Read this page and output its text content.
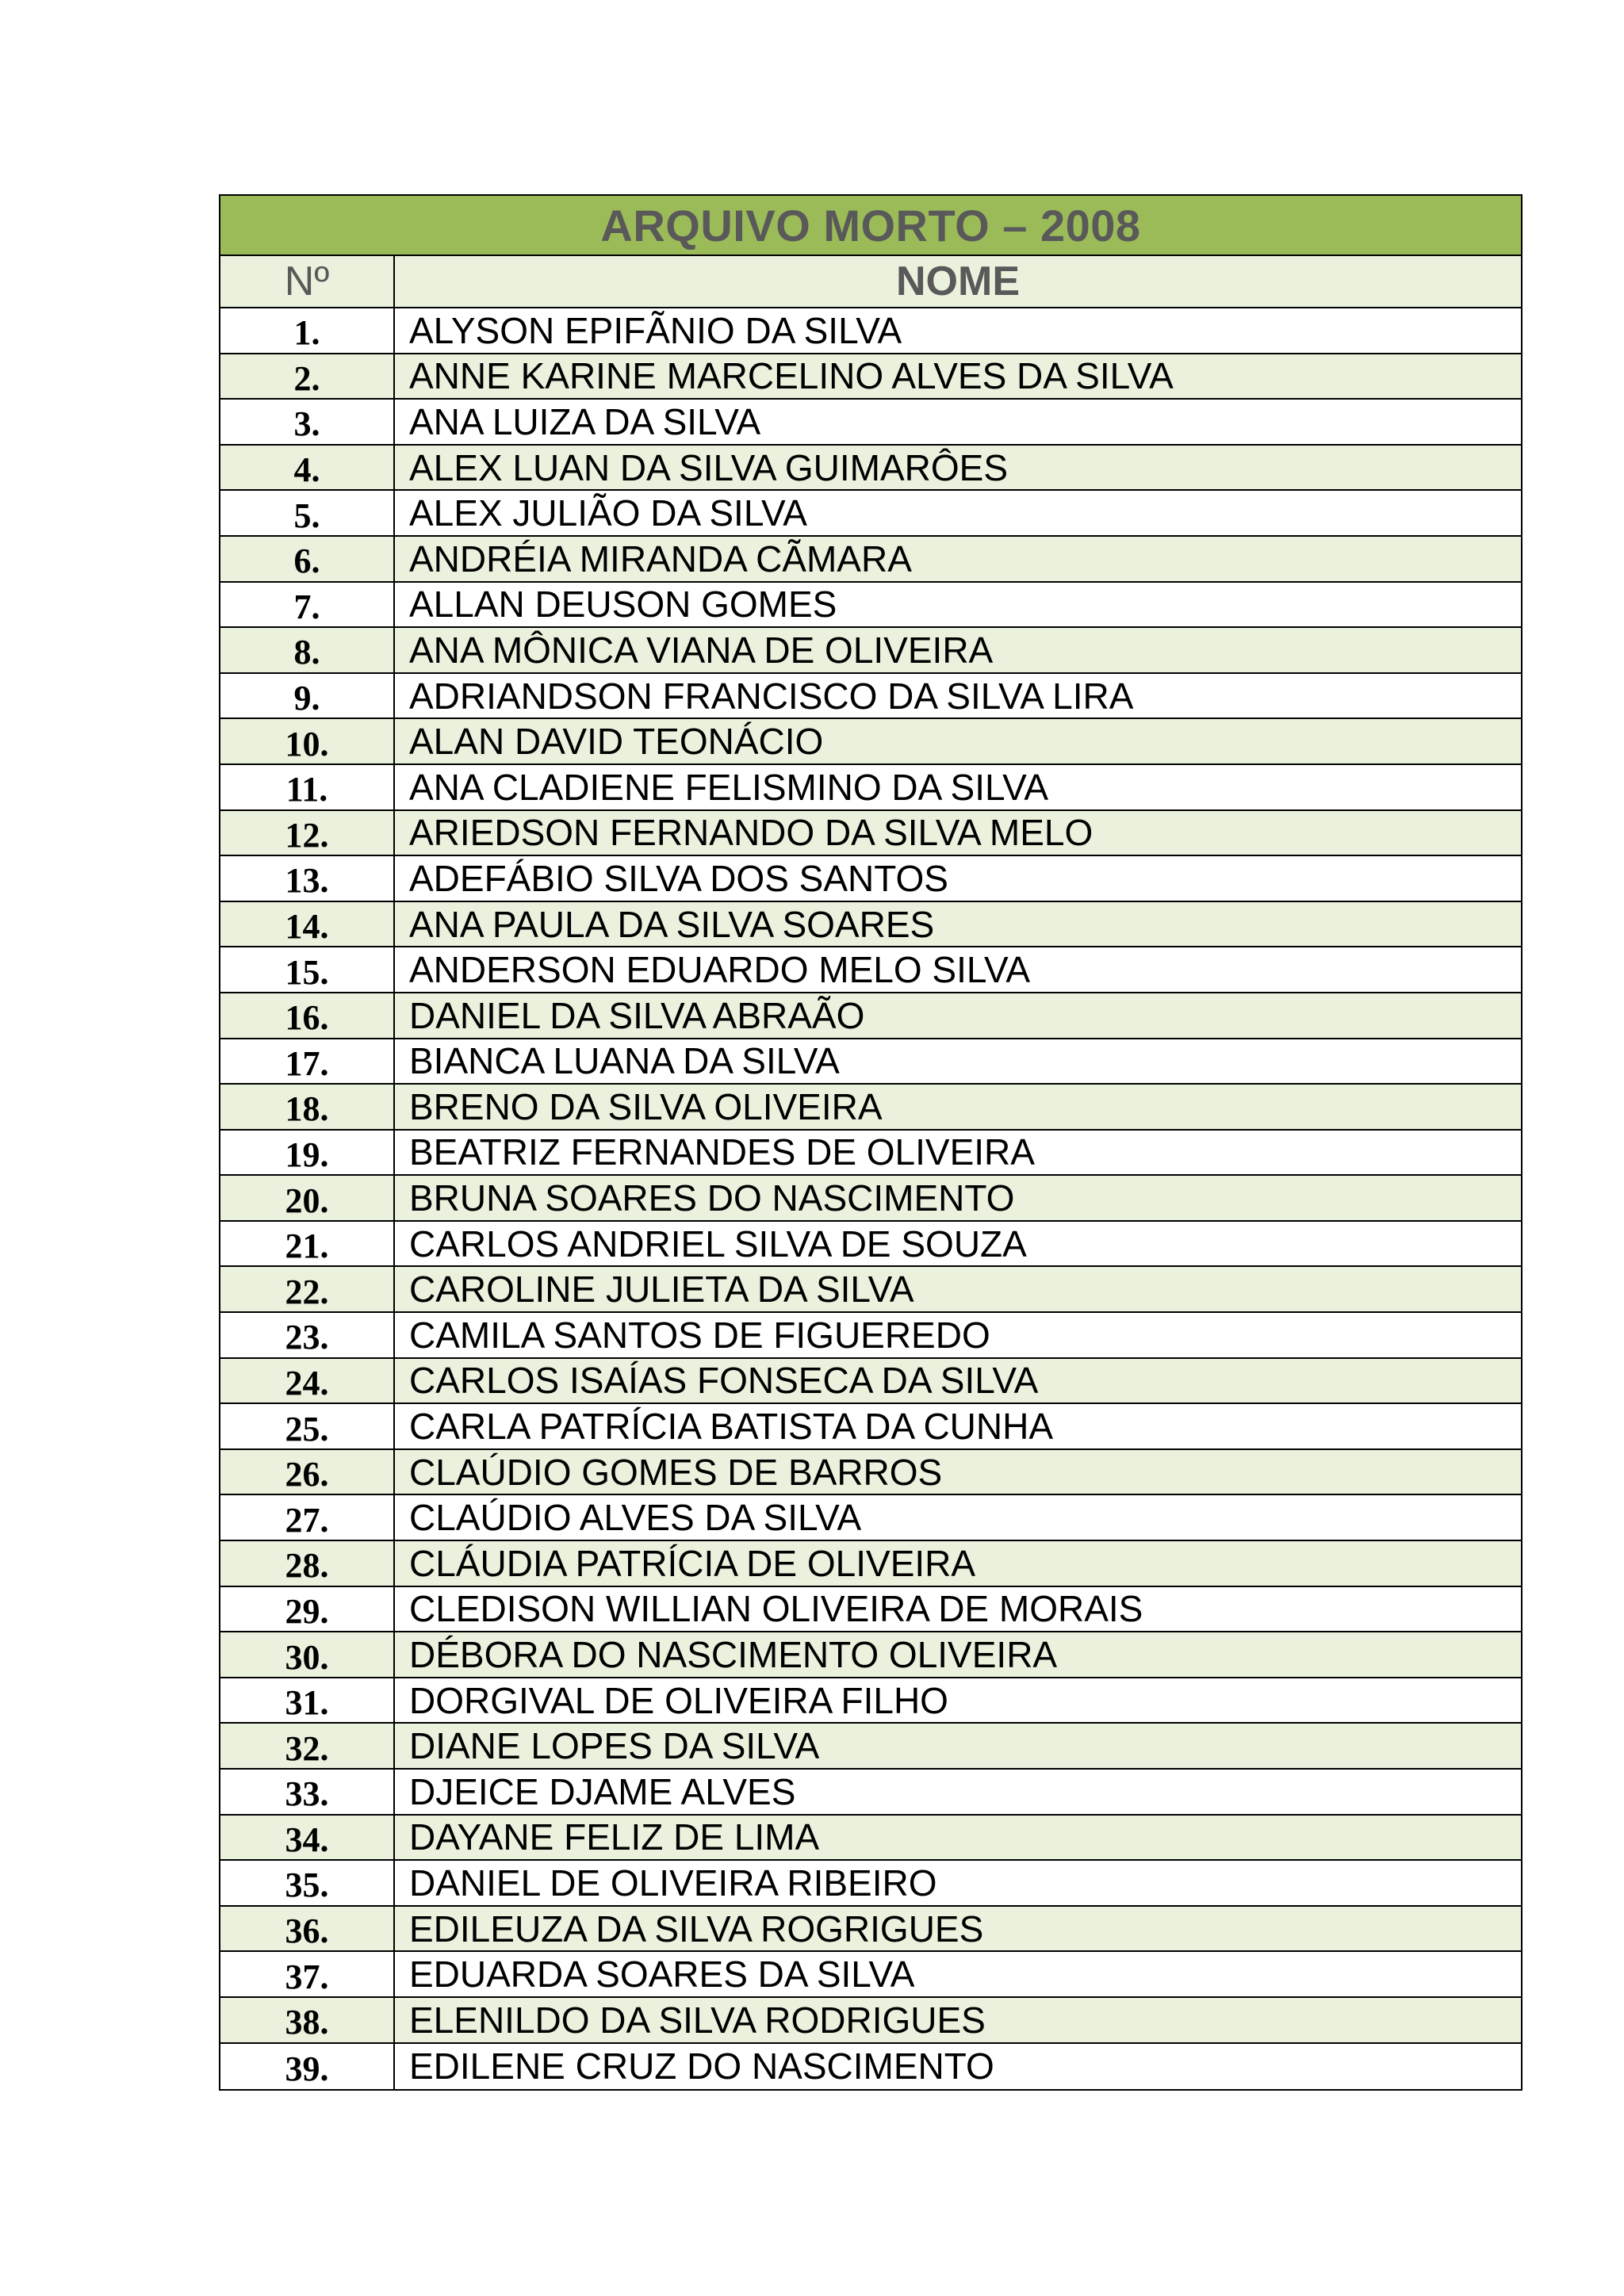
ARQUIVO MORTO – 2008
Nº	NOME
1. ALYSON EPIFÃNIO DA SILVA
2. ANNE KARINE MARCELINO ALVES DA SILVA
3. ANA LUIZA DA SILVA
4. ALEX LUAN DA SILVA GUIMARÔES
5. ALEX JULIÃO DA SILVA
6. ANDRÉIA MIRANDA CÃMARA
7. ALLAN DEUSON GOMES
8. ANA MÔNICA VIANA DE OLIVEIRA
9. ADRIANDSON FRANCISCO DA SILVA LIRA
10. ALAN DAVID TEONÁCIO
11. ANA CLADIENE FELISMINO DA SILVA
12. ARIEDSON FERNANDO DA SILVA MELO
13. ADEFÁBIO SILVA DOS SANTOS
14. ANA PAULA DA SILVA SOARES
15. ANDERSON EDUARDO MELO SILVA
16. DANIEL DA SILVA ABRAÃO
17. BIANCA LUANA DA SILVA
18. BRENO DA SILVA OLIVEIRA
19. BEATRIZ FERNANDES DE OLIVEIRA
20. BRUNA SOARES DO NASCIMENTO
21. CARLOS ANDRIEL SILVA DE SOUZA
22. CAROLINE JULIETA DA SILVA
23. CAMILA SANTOS DE FIGUEREDO
24. CARLOS ISAÍAS FONSECA DA SILVA
25. CARLA PATRÍCIA BATISTA DA CUNHA
26. CLAÚDIO GOMES DE BARROS
27. CLAÚDIO ALVES DA SILVA
28. CLÁUDIA PATRÍCIA DE OLIVEIRA
29. CLEDISON WILLIAN OLIVEIRA DE MORAIS
30. DÉBORA DO NASCIMENTO OLIVEIRA
31. DORGIVAL DE OLIVEIRA FILHO
32. DIANE LOPES DA SILVA
33. DJEICE DJAME ALVES
34. DAYANE FELIZ DE LIMA
35. DANIEL DE OLIVEIRA RIBEIRO
36. EDILEUZA DA SILVA ROGRIGUES
37. EDUARDA SOARES DA SILVA
38. ELENILDO DA SILVA RODRIGUES
39. EDILENE CRUZ DO NASCIMENTO
